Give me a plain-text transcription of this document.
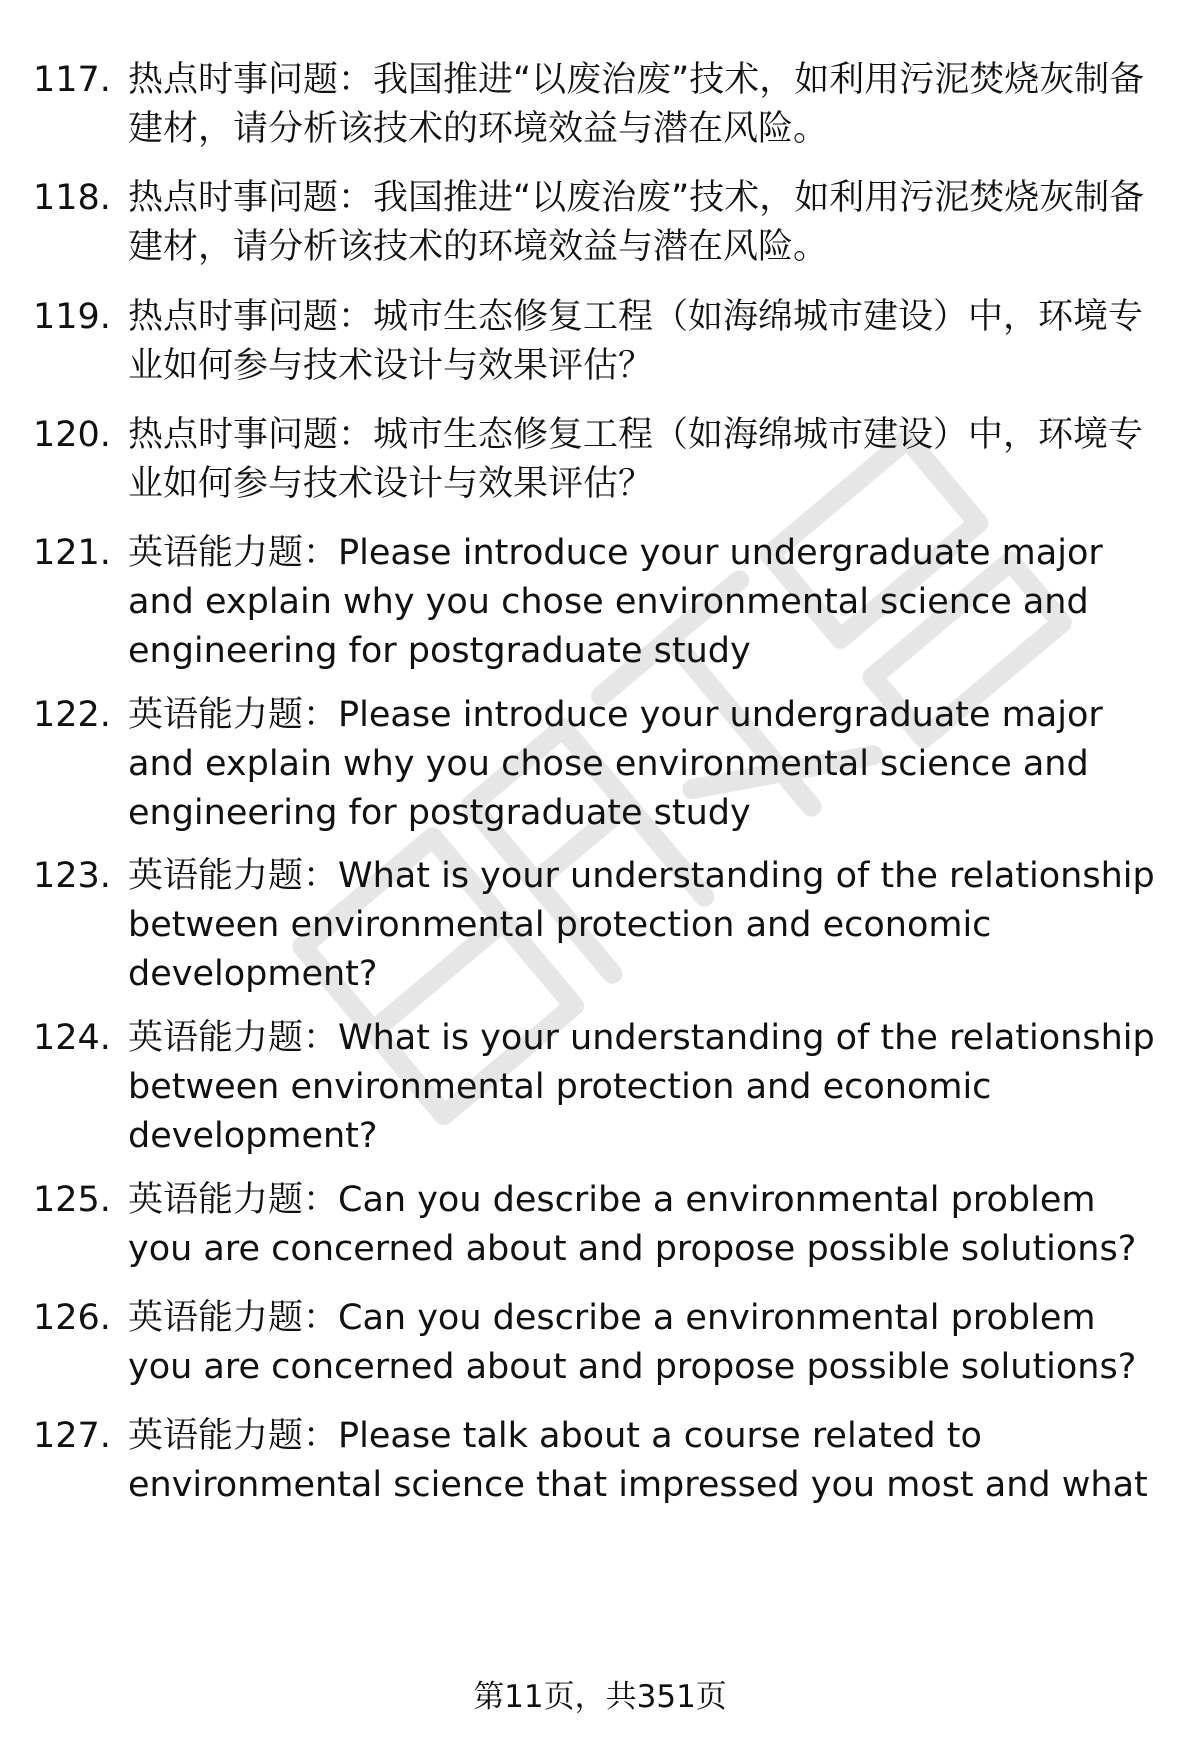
117. 热点时事问题：我国推进“以废治废”技术，如利用污泥焚烧灰制备建材，请分析该技术的环境效益与潜在风险。

118. 热点时事问题：我国推进“以废治废”技术，如利用污泥焚烧灰制备建材，请分析该技术的环境效益与潜在风险。

119. 热点时事问题：城市生态修复工程（如海绵城市建设）中，环境专业如何参与技术设计与效果评估？

120. 热点时事问题：城市生态修复工程（如海绵城市建设）中，环境专业如何参与技术设计与效果评估？

121. 英语能力题：Please introduce your undergraduate major and explain why you chose environmental science and engineering for postgraduate study

122. 英语能力题：Please introduce your undergraduate major and explain why you chose environmental science and engineering for postgraduate study

123. 英语能力题：What is your understanding of the relationship between environmental protection and economic development?

124. 英语能力题：What is your understanding of the relationship between environmental protection and economic development?

125. 英语能力题：Can you describe a environmental problem you are concerned about and propose possible solutions?

126. 英语能力题：Can you describe a environmental problem you are concerned about and propose possible solutions?

127. 英语能力题：Please talk about a course related to environmental science that impressed you most and what

第11页，共351页
